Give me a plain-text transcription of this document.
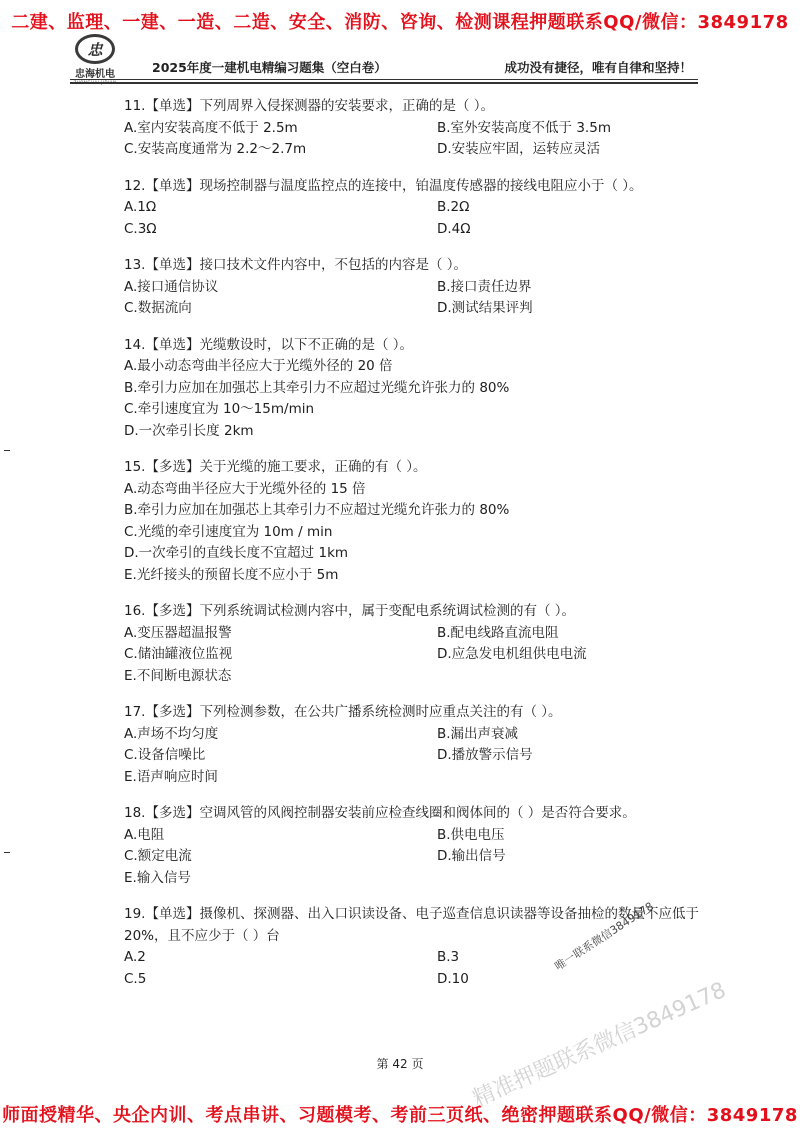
二建、监理、一建、一造、二造、安全、消防、咨询、检测课程押题联系QQ/微信：3849178
忠
忠海机电
ZHONGHAI JIDIAN
2025年度一建机电精编习题集（空白卷）	成功没有捷径，唯有自律和坚持！

11.【单选】下列周界入侵探测器的安装要求，正确的是（ ）。

A.室内安装高度不低于 2.5m	B.室外安装高度不低于 3.5m
C.安装高度通常为 2.2～2.7m	D.安装应牢固，运转应灵活

12.【单选】现场控制器与温度监控点的连接中，铂温度传感器的接线电阻应小于（ ）。

A.1Ω	B.2Ω
C.3Ω	D.4Ω

13.【单选】接口技术文件内容中，不包括的内容是（ ）。

A.接口通信协议	B.接口责任边界
C.数据流向	D.测试结果评判

14.【单选】光缆敷设时，以下不正确的是（ ）。

A.最小动态弯曲半径应大于光缆外径的 20 倍
B.牵引力应加在加强芯上其牵引力不应超过光缆允许张力的 80%
C.牵引速度宜为 10～15m/min
D.一次牵引长度 2km

15.【多选】关于光缆的施工要求，正确的有（ ）。

A.动态弯曲半径应大于光缆外径的 15 倍
B.牵引力应加在加强芯上其牵引力不应超过光缆允许张力的 80%
C.光缆的牵引速度宜为 10m / min
D.一次牵引的直线长度不宜超过 1km
E.光纤接头的预留长度不应小于 5m

16.【多选】下列系统调试检测内容中，属于变配电系统调试检测的有（ ）。

A.变压器超温报警	B.配电线路直流电阻
C.储油罐液位监视	D.应急发电机组供电电流
E.不间断电源状态

17.【多选】下列检测参数，在公共广播系统检测时应重点关注的有（ ）。

A.声场不均匀度	B.漏出声衰减
C.设备信噪比	D.播放警示信号
E.语声响应时间

18.【多选】空调风管的风阀控制器安装前应检查线圈和阀体间的（ ）是否符合要求。

A.电阻	B.供电电压
C.额定电流	D.输出信号
E.输入信号

19.【单选】摄像机、探测器、出入口识读设备、电子巡查信息识读器等设备抽检的数量不应低于 20%，且不应少于（ ）台

A.2	B.3
C.5	D.10
唯一联系微信3849178
精准押题联系微信3849178
第 42 页
师面授精华、央企内训、考点串讲、习题模考、考前三页纸、绝密押题联系QQ/微信：3849178
